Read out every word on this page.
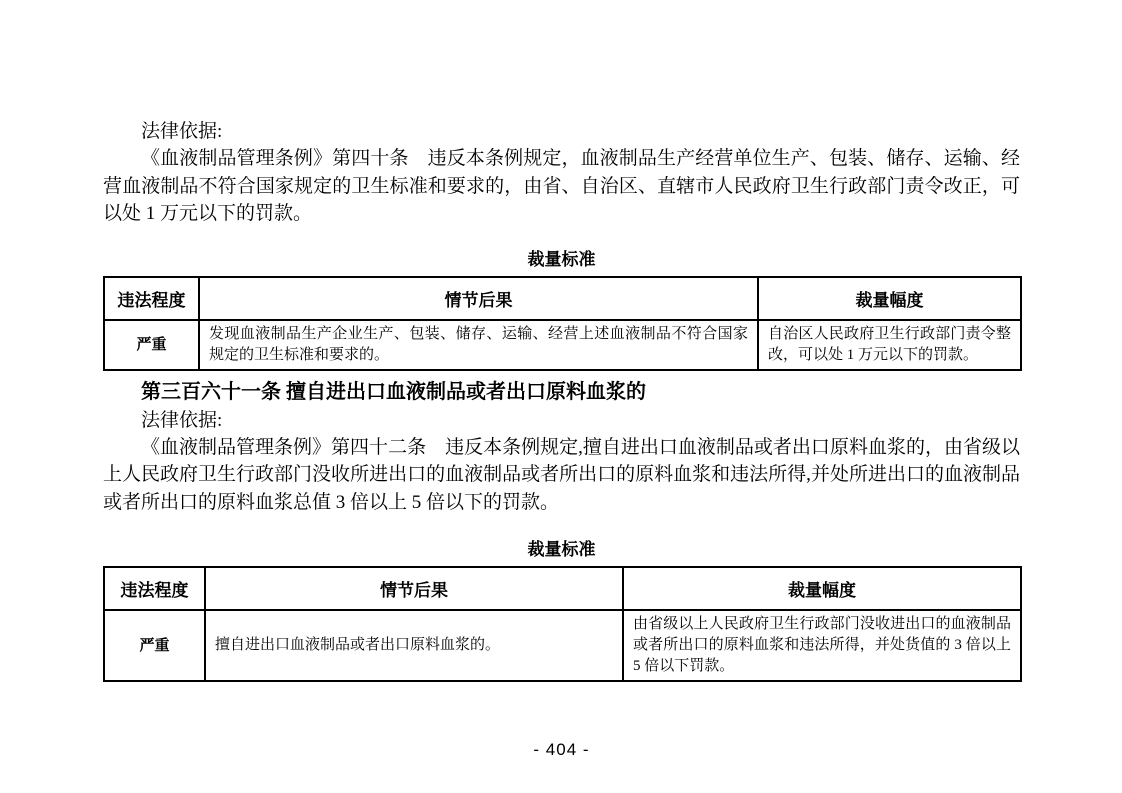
法律依据:

《血液制品管理条例》第四十条　违反本条例规定，血液制品生产经营单位生产、包装、储存、运输、经营血液制品不符合国家规定的卫生标准和要求的，由省、自治区、直辖市人民政府卫生行政部门责令改正，可以处 1 万元以下的罚款。

裁量标准
违法程度	情节后果	裁量幅度
严重	发现血液制品生产企业生产、包装、储存、运输、经营上述血液制品不符合国家规定的卫生标准和要求的。	自治区人民政府卫生行政部门责令整改，可以处 1 万元以下的罚款。
第三百六十一条 擅自进出口血液制品或者出口原料血浆的

法律依据:

《血液制品管理条例》第四十二条　违反本条例规定,擅自进出口血液制品或者出口原料血浆的，由省级以上人民政府卫生行政部门没收所进出口的血液制品或者所出口的原料血浆和违法所得,并处所进出口的血液制品或者所出口的原料血浆总值 3 倍以上 5 倍以下的罚款。

裁量标准
违法程度	情节后果	裁量幅度
严重	擅自进出口血液制品或者出口原料血浆的。	由省级以上人民政府卫生行政部门没收进出口的血液制品或者所出口的原料血浆和违法所得，并处货值的 3 倍以上 5 倍以下罚款。
- 404 -
